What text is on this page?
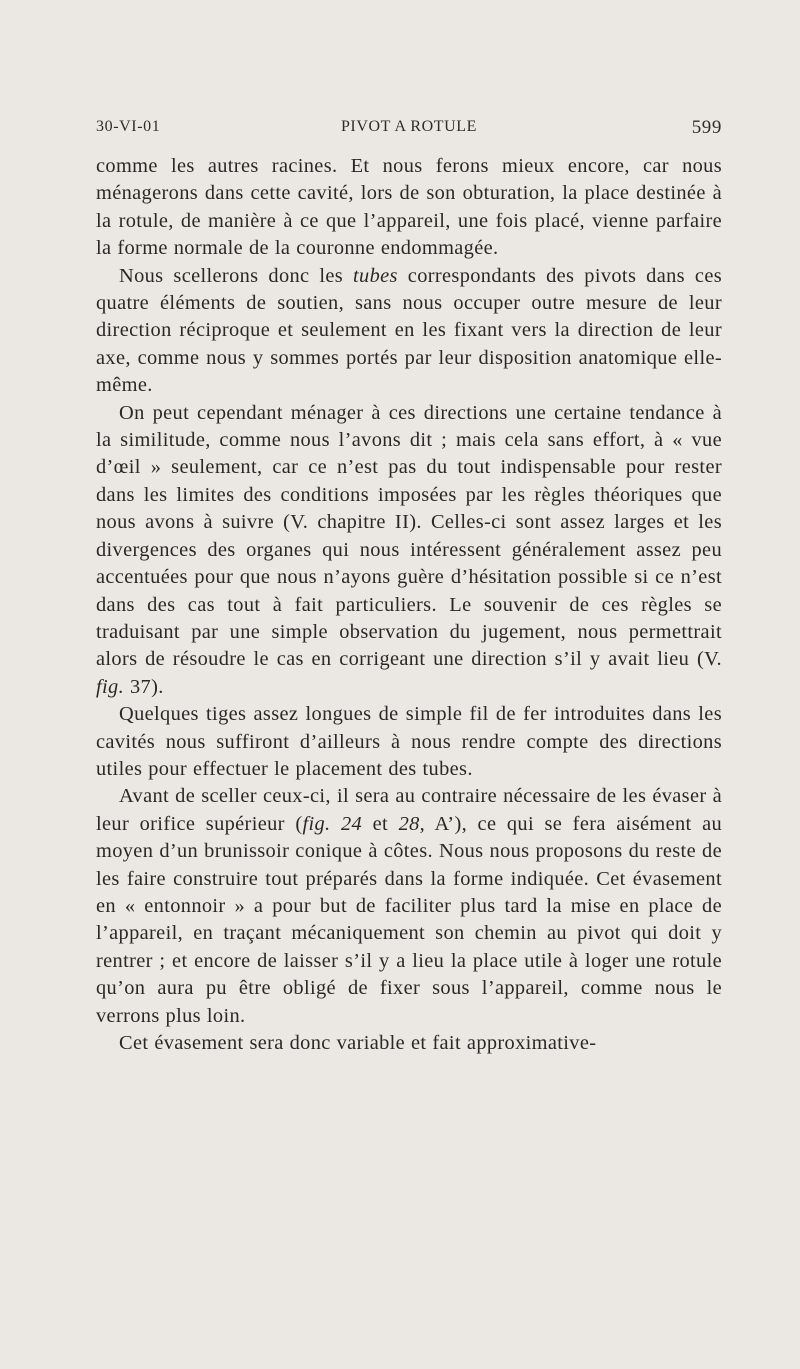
30-VI-01	PIVOT A ROTULE	599

comme les autres racines. Et nous ferons mieux encore, car nous ménagerons dans cette cavité, lors de son obturation, la place destinée à la rotule, de manière à ce que l’appareil, une fois placé, vienne parfaire la forme normale de la couronne endommagée.

Nous scellerons donc les tubes correspondants des pivots dans ces quatre éléments de soutien, sans nous occuper outre mesure de leur direction réciproque et seulement en les fixant vers la direction de leur axe, comme nous y sommes portés par leur disposition anatomique elle-même.

On peut cependant ménager à ces directions une certaine tendance à la similitude, comme nous l’avons dit ; mais cela sans effort, à « vue d’œil » seulement, car ce n’est pas du tout indispensable pour rester dans les limites des conditions imposées par les règles théoriques que nous avons à suivre (V. chapitre II). Celles-ci sont assez larges et les divergences des organes qui nous intéressent généralement assez peu accentuées pour que nous n’ayons guère d’hésitation possible si ce n’est dans des cas tout à fait particuliers. Le souvenir de ces règles se traduisant par une simple observation du jugement, nous permettrait alors de résoudre le cas en corrigeant une direction s’il y avait lieu (V. fig. 37).

Quelques tiges assez longues de simple fil de fer introduites dans les cavités nous suffiront d’ailleurs à nous rendre compte des directions utiles pour effectuer le placement des tubes.

Avant de sceller ceux-ci, il sera au contraire nécessaire de les évaser à leur orifice supérieur (fig. 24 et 28, A’), ce qui se fera aisément au moyen d’un brunissoir conique à côtes. Nous nous proposons du reste de les faire construire tout préparés dans la forme indiquée. Cet évasement en « entonnoir » a pour but de faciliter plus tard la mise en place de l’appareil, en traçant mécaniquement son chemin au pivot qui doit y rentrer ; et encore de laisser s’il y a lieu la place utile à loger une rotule qu’on aura pu être obligé de fixer sous l’appareil, comme nous le verrons plus loin.

Cet évasement sera donc variable et fait approximative-
